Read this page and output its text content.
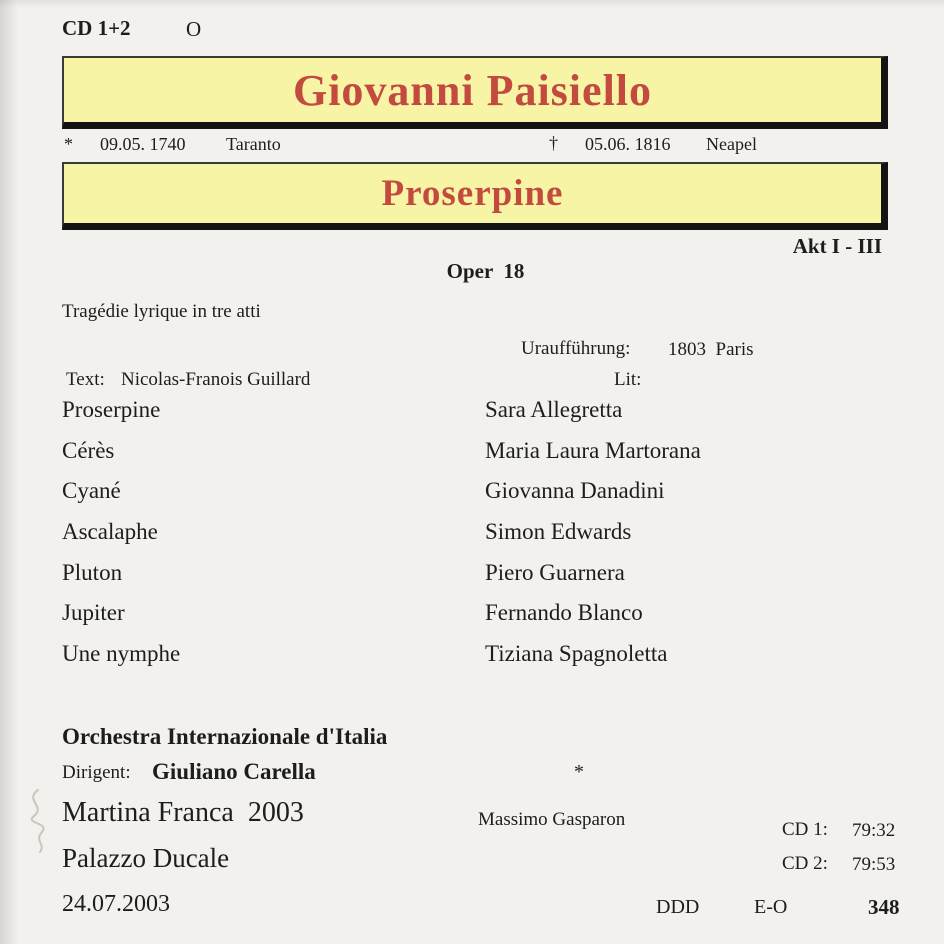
CD 1+2	O
Giovanni Paisiello
* 09.05. 1740 Taranto	† 05.06. 1816 Neapel
Proserpine

Oper  18

Akt I - III
Tragédie lyrique in tre atti
Uraufführung: 1803  Paris
Text: Nicolas-Franois Guillard	Lit:
Proserpine	Sara Allegretta
Cérès	Maria Laura Martorana
Cyané	Giovanna Danadini
Ascalaphe	Simon Edwards
Pluton	Piero Guarnera
Jupiter	Fernando Blanco
Une nymphe	Tiziana Spagnoletta
Orchestra Internazionale d'Italia
Dirigent: Giuliano Carella	*
Martina Franca  2003	Massimo Gasparon
Palazzo Ducale
24.07.2003
CD 1: 79:32
CD 2: 79:53
DDD	E-O	348
